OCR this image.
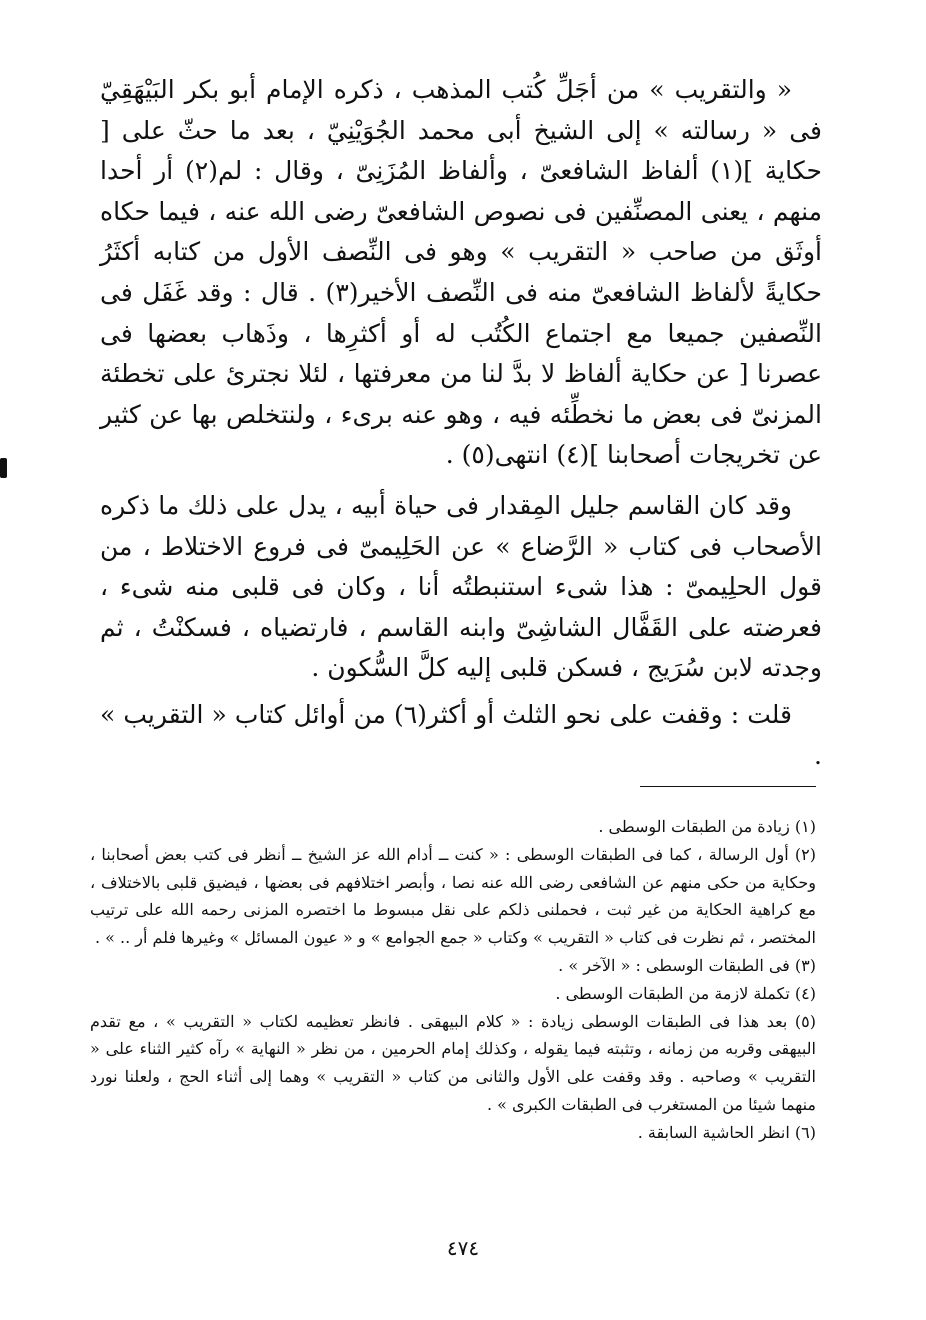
« والتقريب » من أجَلِّ كُتب المذهب ، ذكره الإمام أبو بكر البَيْهَقِيّ فى « رسالته » إلى الشيخ أبى محمد الجُوَيْنِيّ ، بعد ما حثّ على [ حكاية ](١) ألفاظ الشافعىّ ، وألفاظ المُزَنِىّ ، وقال : لم(٢) أر أحدا منهم ، يعنى المصنِّفين فى نصوص الشافعىّ رضى الله عنه ، فيما حكاه أوثَق من صاحب « التقريب » وهو فى النِّصف الأول من كتابه أكثَرُ حكايةً لألفاظ الشافعىّ منه فى النِّصف الأخير(٣) . قال : وقد غَفَل فى النِّصفين جميعا مع اجتماع الكُتُب له أو أكثرِها ، وذَهاب بعضها فى عصرنا [ عن حكاية ألفاظ لا بدَّ لنا من معرفتها ، لئلا نجترئ على تخطئة المزنىّ فى بعض ما نخطِّئه فيه ، وهو عنه برىء ، ولنتخلص بها عن كثير عن تخريجات أصحابنا ](٤) انتهى(٥) .

وقد كان القاسم جليل المِقدار فى حياة أبيه ، يدل على ذلك ما ذكره الأصحاب فى كتاب « الرَّضاع » عن الحَلِيمىّ فى فروع الاختلاط ، من قول الحلِيمىّ : هذا شىء استنبطتُه أنا ، وكان فى قلبى منه شىء ، فعرضته على القَفَّال الشاشِىّ وابنه القاسم ، فارتضياه ، فسكنْتُ ، ثم وجدته لابن سُرَيج ، فسكن قلبى إليه كلَّ السُّكون .

قلت : وقفت على نحو الثلث أو أكثر(٦) من أوائل كتاب « التقريب » .

(١) زيادة من الطبقات الوسطى .

(٢) أول الرسالة ، كما فى الطبقات الوسطى : « كنت ــ أدام الله عز الشيخ ــ أنظر فى كتب بعض أصحابنا ، وحكاية من حكى منهم عن الشافعى رضى الله عنه نصا ، وأبصر اختلافهم فى بعضها ، فيضيق قلبى بالاختلاف ، مع كراهية الحكاية من غير ثبت ، فحملنى ذلكم على نقل مبسوط ما اختصره المزنى رحمه الله على ترتيب المختصر ، ثم نظرت فى كتاب « التقريب » وكتاب « جمع الجوامع » و « عيون المسائل » وغيرها فلم أر .. » .

(٣) فى الطبقات الوسطى : « الآخر » .

(٤) تكملة لازمة من الطبقات الوسطى .

(٥) بعد هذا فى الطبقات الوسطى زيادة : « كلام البيهقى . فانظر تعظيمه لكتاب « التقريب » ، مع تقدم البيهقى وقربه من زمانه ، وتثبته فيما يقوله ، وكذلك إمام الحرمين ، من نظر « النهاية » رآه كثير الثناء على « التقريب » وصاحبه . وقد وقفت على الأول والثانى من كتاب « التقريب » وهما إلى أثناء الحج ، ولعلنا نورد منهما شيئا من المستغرب فى الطبقات الكبرى » .

(٦) انظر الحاشية السابقة .

٤٧٤
